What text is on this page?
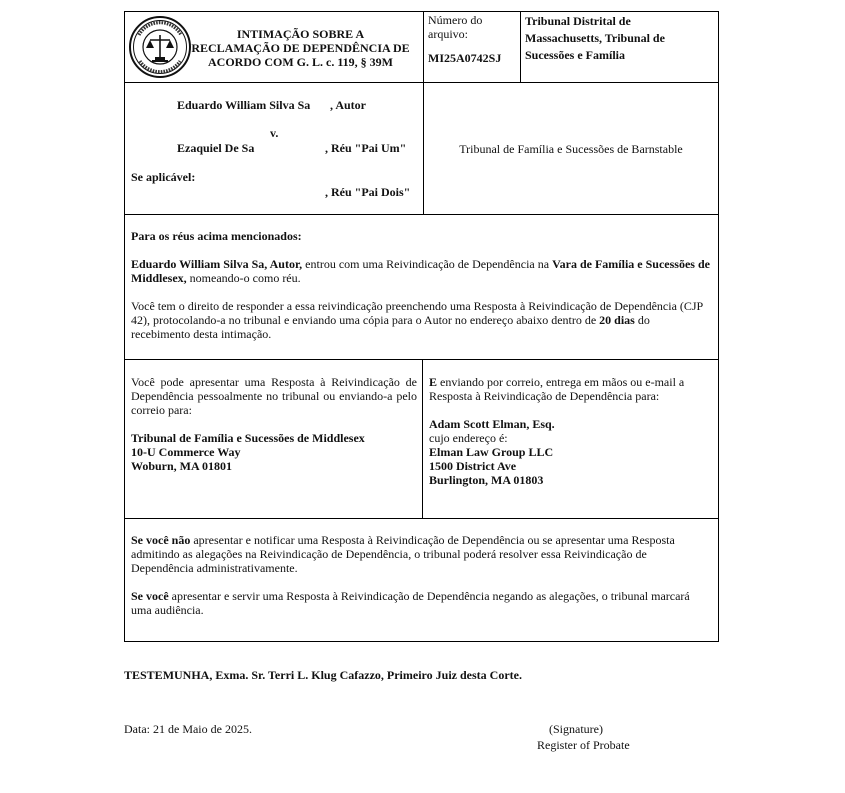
INTIMAÇÃO SOBRE A
RECLAMAÇÃO DE DEPENDÊNCIA DE
ACORDO COM G. L. c. 119, § 39M
Número do
arquivo:
MI25A0742SJ
Tribunal Distrital de
Massachusetts, Tribunal de
Sucessões e Família
Eduardo William Silva Sa , Autor
v.
Ezaquiel De Sa	, Réu "Pai Um"
Se aplicável:
, Réu "Pai Dois"
Tribunal de Família e Sucessões de Barnstable

Para os réus acima mencionados:

Eduardo William Silva Sa, Autor, entrou com uma Reivindicação de Dependência na Vara de Família e Sucessões de Middlesex, nomeando-o como réu.

Você tem o direito de responder a essa reivindicação preenchendo uma Resposta à Reivindicação de Dependência (CJP 42), protocolando-a no tribunal e enviando uma cópia para o Autor no endereço abaixo dentro de 20 dias do recebimento desta intimação.

Você pode apresentar uma Resposta à Reivindicação de Dependência pessoalmente no tribunal ou enviando-a pelo correio para:

Tribunal de Família e Sucessões de Middlesex

10-U Commerce Way

Woburn, MA 01801

E enviando por correio, entrega em mãos ou e-mail a Resposta à Reivindicação de Dependência para:

Adam Scott Elman, Esq.

cujo endereço é:

Elman Law Group LLC

1500 District Ave

Burlington, MA 01803

Se você não apresentar e notificar uma Resposta à Reivindicação de Dependência ou se apresentar uma Resposta admitindo as alegações na Reivindicação de Dependência, o tribunal poderá resolver essa Reivindicação de Dependência administrativamente.

Se você apresentar e servir uma Resposta à Reivindicação de Dependência negando as alegações, o tribunal marcará uma audiência.

TESTEMUNHA, Exma. Sr. Terri L. Klug Cafazzo, Primeiro Juiz desta Corte.
Data: 21 de Maio de 2025.	(Signature)
Register of Probate
